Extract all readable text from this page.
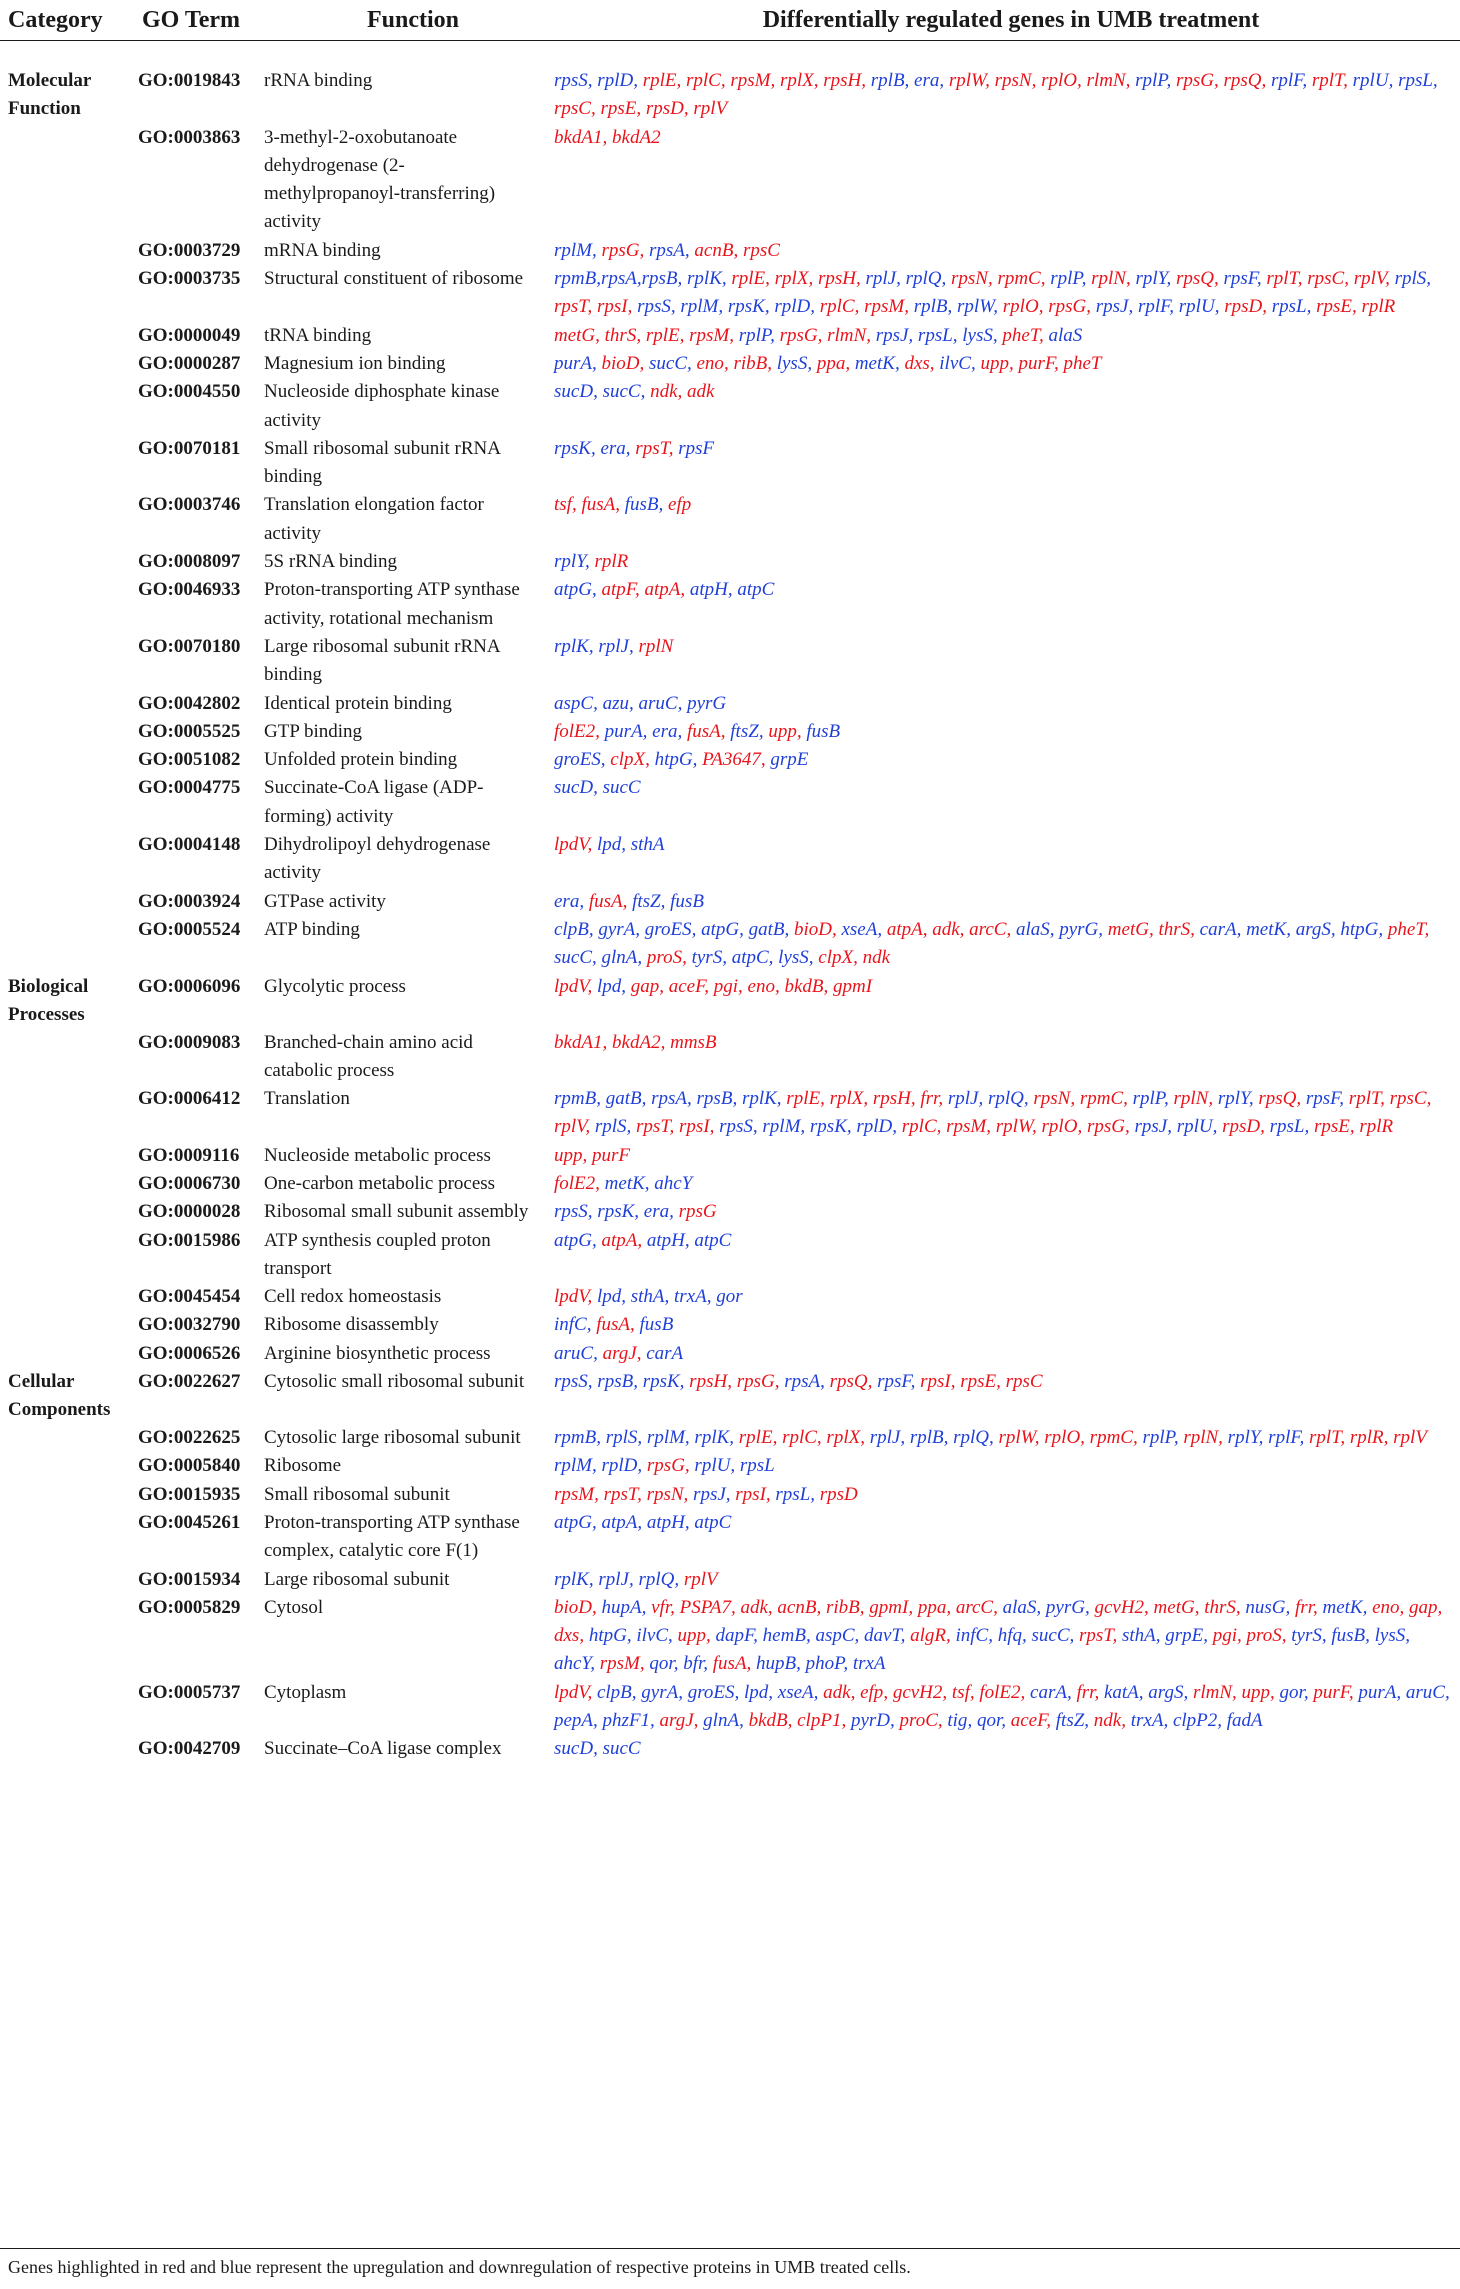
Category	GO Term	Function	Differentially regulated genes in UMB treatment
Molecular Function	GO:0019843	rRNA binding	rpsS, rplD, rplE, rplC, rpsM, rplX, rpsH, rplB, era, rplW, rpsN, rplO, rlmN, rplP, rpsG, rpsQ, rplF, rplT, rplU, rpsL, rpsC, rpsE, rpsD, rplV
	GO:0003863	3-methyl-2-oxobutanoate dehydrogenase (2-methylpropanoyl-transferring) activity	bkdA1, bkdA2
	GO:0003729	mRNA binding	rplM, rpsG, rpsA, acnB, rpsC
	GO:0003735	Structural constituent of ribosome	rpmB,rpsA,rpsB, rplK, rplE, rplX, rpsH, rplJ, rplQ, rpsN, rpmC, rplP, rplN, rplY, rpsQ, rpsF, rplT, rpsC, rplV, rplS, rpsT, rpsI, rpsS, rplM, rpsK, rplD, rplC, rpsM, rplB, rplW, rplO, rpsG, rpsJ, rplF, rplU, rpsD, rpsL, rpsE, rplR
	GO:0000049	tRNA binding	metG, thrS, rplE, rpsM, rplP, rpsG, rlmN, rpsJ, rpsL, lysS, pheT, alaS
	GO:0000287	Magnesium ion binding	purA, bioD, sucC, eno, ribB, lysS, ppa, metK, dxs, ilvC, upp, purF, pheT
	GO:0004550	Nucleoside diphosphate kinase activity	sucD, sucC, ndk, adk
	GO:0070181	Small ribosomal subunit rRNA binding	rpsK, era, rpsT, rpsF
	GO:0003746	Translation elongation factor activity	tsf, fusA, fusB, efp
	GO:0008097	5S rRNA binding	rplY, rplR
	GO:0046933	Proton-transporting ATP synthase activity, rotational mechanism	atpG, atpF, atpA, atpH, atpC
	GO:0070180	Large ribosomal subunit rRNA binding	rplK, rplJ, rplN
	GO:0042802	Identical protein binding	aspC, azu, aruC, pyrG
	GO:0005525	GTP binding	folE2, purA, era, fusA, ftsZ, upp, fusB
	GO:0051082	Unfolded protein binding	groES, clpX, htpG, PA3647, grpE
	GO:0004775	Succinate-CoA ligase (ADP-forming) activity	sucD, sucC
	GO:0004148	Dihydrolipoyl dehydrogenase activity	lpdV, lpd, sthA
	GO:0003924	GTPase activity	era, fusA, ftsZ, fusB
	GO:0005524	ATP binding	clpB, gyrA, groES, atpG, gatB, bioD, xseA, atpA, adk, arcC, alaS, pyrG, metG, thrS, carA, metK, argS, htpG, pheT, sucC, glnA, proS, tyrS, atpC, lysS, clpX, ndk
Biological Processes	GO:0006096	Glycolytic process	lpdV, lpd, gap, aceF, pgi, eno, bkdB, gpmI
	GO:0009083	Branched-chain amino acid catabolic process	bkdA1, bkdA2, mmsB
	GO:0006412	Translation	rpmB, gatB, rpsA, rpsB, rplK, rplE, rplX, rpsH, frr, rplJ, rplQ, rpsN, rpmC, rplP, rplN, rplY, rpsQ, rpsF, rplT, rpsC, rplV, rplS, rpsT, rpsI, rpsS, rplM, rpsK, rplD, rplC, rpsM, rplW, rplO, rpsG, rpsJ, rplU, rpsD, rpsL, rpsE, rplR
	GO:0009116	Nucleoside metabolic process	upp, purF
	GO:0006730	One-carbon metabolic process	folE2, metK, ahcY
	GO:0000028	Ribosomal small subunit assembly	rpsS, rpsK, era, rpsG
	GO:0015986	ATP synthesis coupled proton transport	atpG, atpA, atpH, atpC
	GO:0045454	Cell redox homeostasis	lpdV, lpd, sthA, trxA, gor
	GO:0032790	Ribosome disassembly	infC, fusA, fusB
	GO:0006526	Arginine biosynthetic process	aruC, argJ, carA
Cellular Components	GO:0022627	Cytosolic small ribosomal subunit	rpsS, rpsB, rpsK, rpsH, rpsG, rpsA, rpsQ, rpsF, rpsI, rpsE, rpsC
	GO:0022625	Cytosolic large ribosomal subunit	rpmB, rplS, rplM, rplK, rplE, rplC, rplX, rplJ, rplB, rplQ, rplW, rplO, rpmC, rplP, rplN, rplY, rplF, rplT, rplR, rplV
	GO:0005840	Ribosome	rplM, rplD, rpsG, rplU, rpsL
	GO:0015935	Small ribosomal subunit	rpsM, rpsT, rpsN, rpsJ, rpsI, rpsL, rpsD
	GO:0045261	Proton-transporting ATP synthase complex, catalytic core F(1)	atpG, atpA, atpH, atpC
	GO:0015934	Large ribosomal subunit	rplK, rplJ, rplQ, rplV
	GO:0005829	Cytosol	bioD, hupA, vfr, PSPA7, adk, acnB, ribB, gpmI, ppa, arcC, alaS, pyrG, gcvH2, metG, thrS, nusG, frr, metK, eno, gap, dxs, htpG, ilvC, upp, dapF, hemB, aspC, davT, algR, infC, hfq, sucC, rpsT, sthA, grpE, pgi, proS, tyrS, fusB, lysS, ahcY, rpsM, qor, bfr, fusA, hupB, phoP, trxA
	GO:0005737	Cytoplasm	lpdV, clpB, gyrA, groES, lpd, xseA, adk, efp, gcvH2, tsf, folE2, carA, frr, katA, argS, rlmN, upp, gor, purF, purA, aruC, pepA, phzF1, argJ, glnA, bkdB, clpP1, pyrD, proC, tig, qor, aceF, ftsZ, ndk, trxA, clpP2, fadA
	GO:0042709	Succinate–CoA ligase complex	sucD, sucC
Genes highlighted in red and blue represent the upregulation and downregulation of respective proteins in UMB treated cells.
